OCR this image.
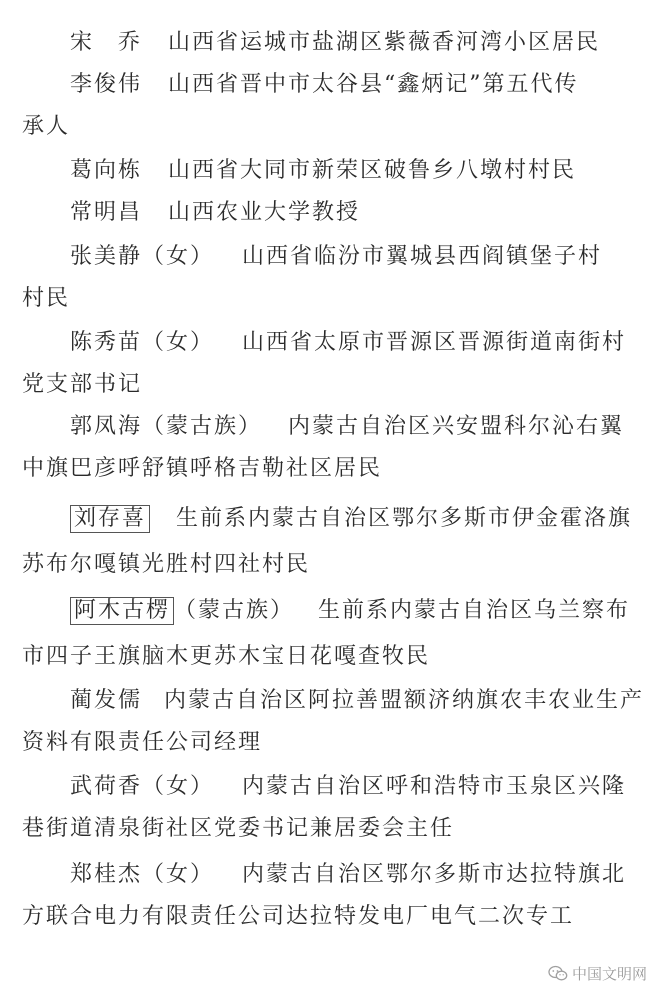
宋　乔 山西省运城市盐湖区紫薇香河湾小区居民
李俊伟 山西省晋中市太谷县“鑫炳记”第五代传
承人
葛向栋 山西省大同市新荣区破鲁乡八墩村村民
常明昌 山西农业大学教授
张美静（女） 山西省临汾市翼城县西阎镇堡子村
村民
陈秀苗（女） 山西省太原市晋源区晋源街道南街村
党支部书记
郭凤海（蒙古族） 内蒙古自治区兴安盟科尔沁右翼
中旗巴彦呼舒镇呼格吉勒社区居民
刘存喜 生前系内蒙古自治区鄂尔多斯市伊金霍洛旗
苏布尔嘎镇光胜村四社村民
阿木古楞 （蒙古族） 生前系内蒙古自治区乌兰察布
市四子王旗脑木更苏木宝日花嘎查牧民
蔺发儒 内蒙古自治区阿拉善盟额济纳旗农丰农业生产
资料有限责任公司经理
武荷香（女） 内蒙古自治区呼和浩特市玉泉区兴隆
巷街道清泉街社区党委书记兼居委会主任
郑桂杰（女） 内蒙古自治区鄂尔多斯市达拉特旗北
方联合电力有限责任公司达拉特发电厂电气二次专工
中国文明网
